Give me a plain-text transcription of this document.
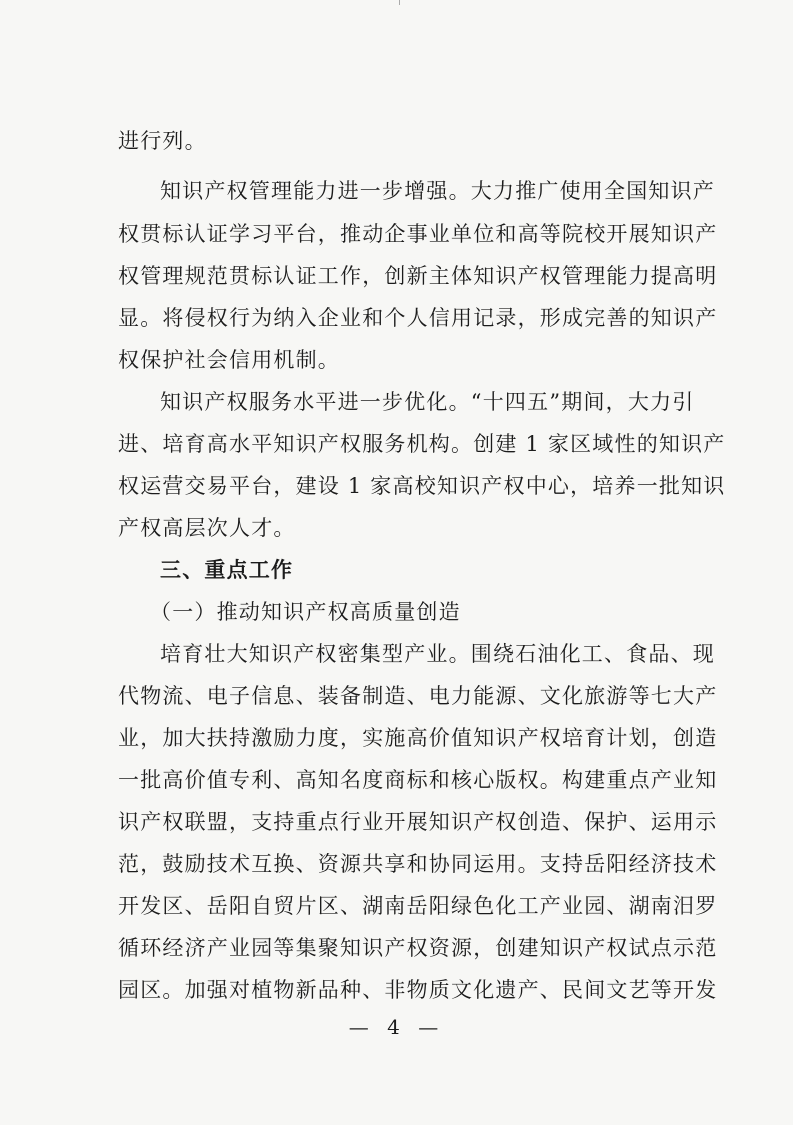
进行列。
知识产权管理能力进一步增强。大力推广使用全国知识产
权贯标认证学习平台，推动企事业单位和高等院校开展知识产
权管理规范贯标认证工作，创新主体知识产权管理能力提高明
显。将侵权行为纳入企业和个人信用记录，形成完善的知识产
权保护社会信用机制。
知识产权服务水平进一步优化。“十四五”期间，大力引
进、培育高水平知识产权服务机构。创建 1 家区域性的知识产
权运营交易平台，建设 1 家高校知识产权中心，培养一批知识
产权高层次人才。
三、重点工作
（一）推动知识产权高质量创造
培育壮大知识产权密集型产业。围绕石油化工、食品、现
代物流、电子信息、装备制造、电力能源、文化旅游等七大产
业，加大扶持激励力度，实施高价值知识产权培育计划，创造
一批高价值专利、高知名度商标和核心版权。构建重点产业知
识产权联盟，支持重点行业开展知识产权创造、保护、运用示
范，鼓励技术互换、资源共享和协同运用。支持岳阳经济技术
开发区、岳阳自贸片区、湖南岳阳绿色化工产业园、湖南汨罗
循环经济产业园等集聚知识产权资源，创建知识产权试点示范
园区。加强对植物新品种、非物质文化遗产、民间文艺等开发
— 4 —
